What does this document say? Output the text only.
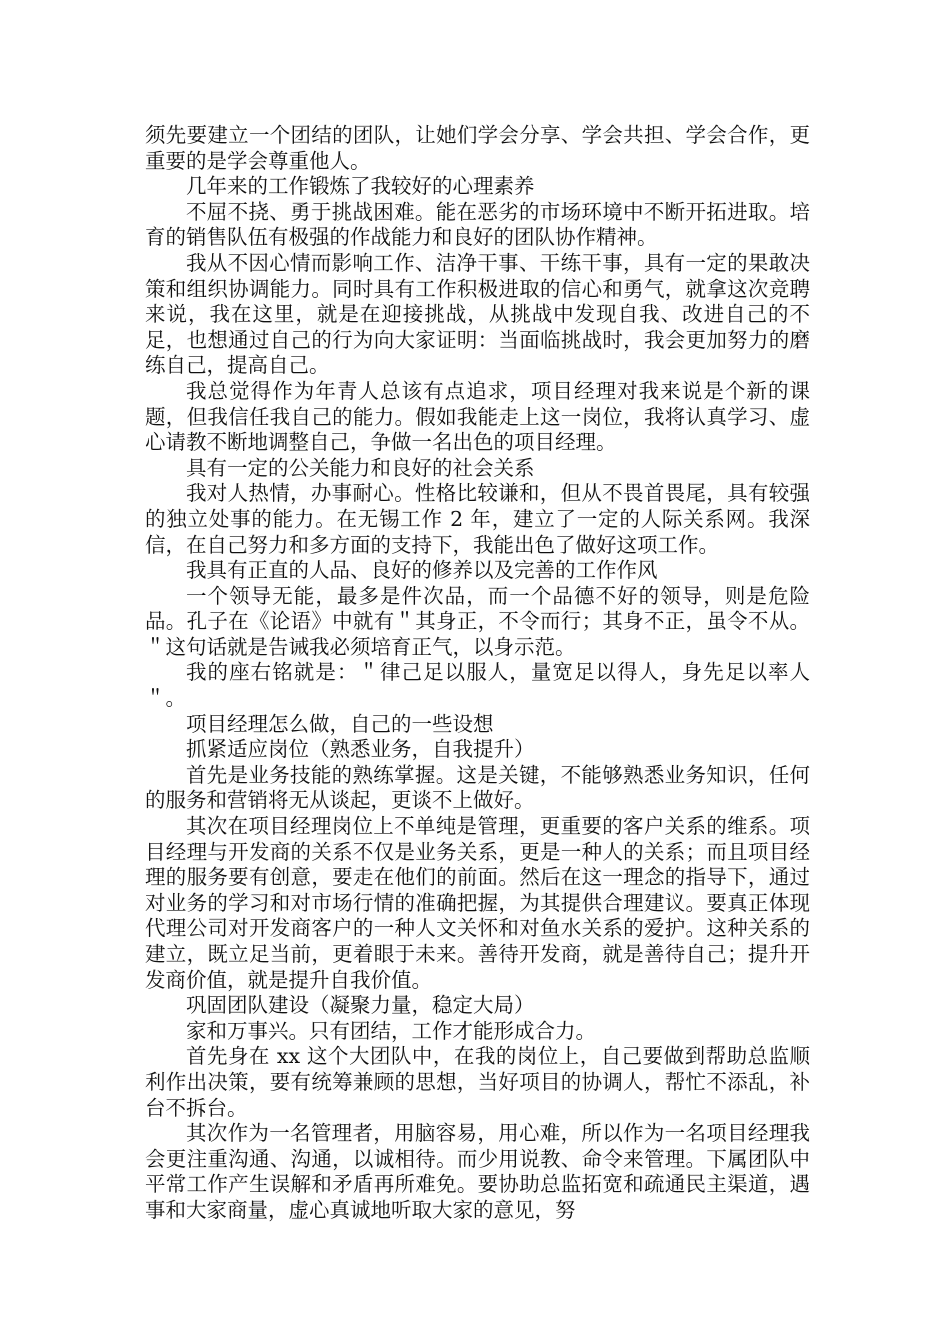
须先要建立一个团结的团队，让她们学会分享、学会共担、学会合作，更重要的是学会尊重他人。

几年来的工作锻炼了我较好的心理素养

不屈不挠、勇于挑战困难。能在恶劣的市场环境中不断开拓进取。培育的销售队伍有极强的作战能力和良好的团队协作精神。

我从不因心情而影响工作、洁净干事、干练干事，具有一定的果敢决策和组织协调能力。同时具有工作积极进取的信心和勇气，就拿这次竞聘来说，我在这里，就是在迎接挑战，从挑战中发现自我、改进自己的不足，也想通过自己的行为向大家证明：当面临挑战时，我会更加努力的磨练自己，提高自己。

我总觉得作为年青人总该有点追求，项目经理对我来说是个新的课题，但我信任我自己的能力。假如我能走上这一岗位，我将认真学习、虚心请教不断地调整自己，争做一名出色的项目经理。

具有一定的公关能力和良好的社会关系

我对人热情，办事耐心。性格比较谦和，但从不畏首畏尾，具有较强的独立处事的能力。在无锡工作 2 年，建立了一定的人际关系网。我深信，在自己努力和多方面的支持下，我能出色了做好这项工作。

我具有正直的人品、良好的修养以及完善的工作作风

一个领导无能，最多是件次品，而一个品德不好的领导，则是危险品。孔子在《论语》中就有＂其身正，不令而行；其身不正，虽令不从。＂这句话就是告诫我必须培育正气，以身示范。

我的座右铭就是：＂律己足以服人，量宽足以得人，身先足以率人＂。

项目经理怎么做，自己的一些设想

抓紧适应岗位（熟悉业务，自我提升）

首先是业务技能的熟练掌握。这是关键，不能够熟悉业务知识，任何的服务和营销将无从谈起，更谈不上做好。

其次在项目经理岗位上不单纯是管理，更重要的客户关系的维系。项目经理与开发商的关系不仅是业务关系，更是一种人的关系；而且项目经理的服务要有创意，要走在他们的前面。然后在这一理念的指导下，通过对业务的学习和对市场行情的准确把握，为其提供合理建议。要真正体现代理公司对开发商客户的一种人文关怀和对鱼水关系的爱护。这种关系的建立，既立足当前，更着眼于未来。善待开发商，就是善待自己；提升开发商价值，就是提升自我价值。

巩固团队建设（凝聚力量，稳定大局）

家和万事兴。只有团结，工作才能形成合力。

首先身在 xx 这个大团队中，在我的岗位上，自己要做到帮助总监顺利作出决策，要有统筹兼顾的思想，当好项目的协调人，帮忙不添乱，补台不拆台。

其次作为一名管理者，用脑容易，用心难，所以作为一名项目经理我会更注重沟通、沟通，以诚相待。而少用说教、命令来管理。下属团队中平常工作产生误解和矛盾再所难免。要协助总监拓宽和疏通民主渠道，遇事和大家商量，虚心真诚地听取大家的意见，努
